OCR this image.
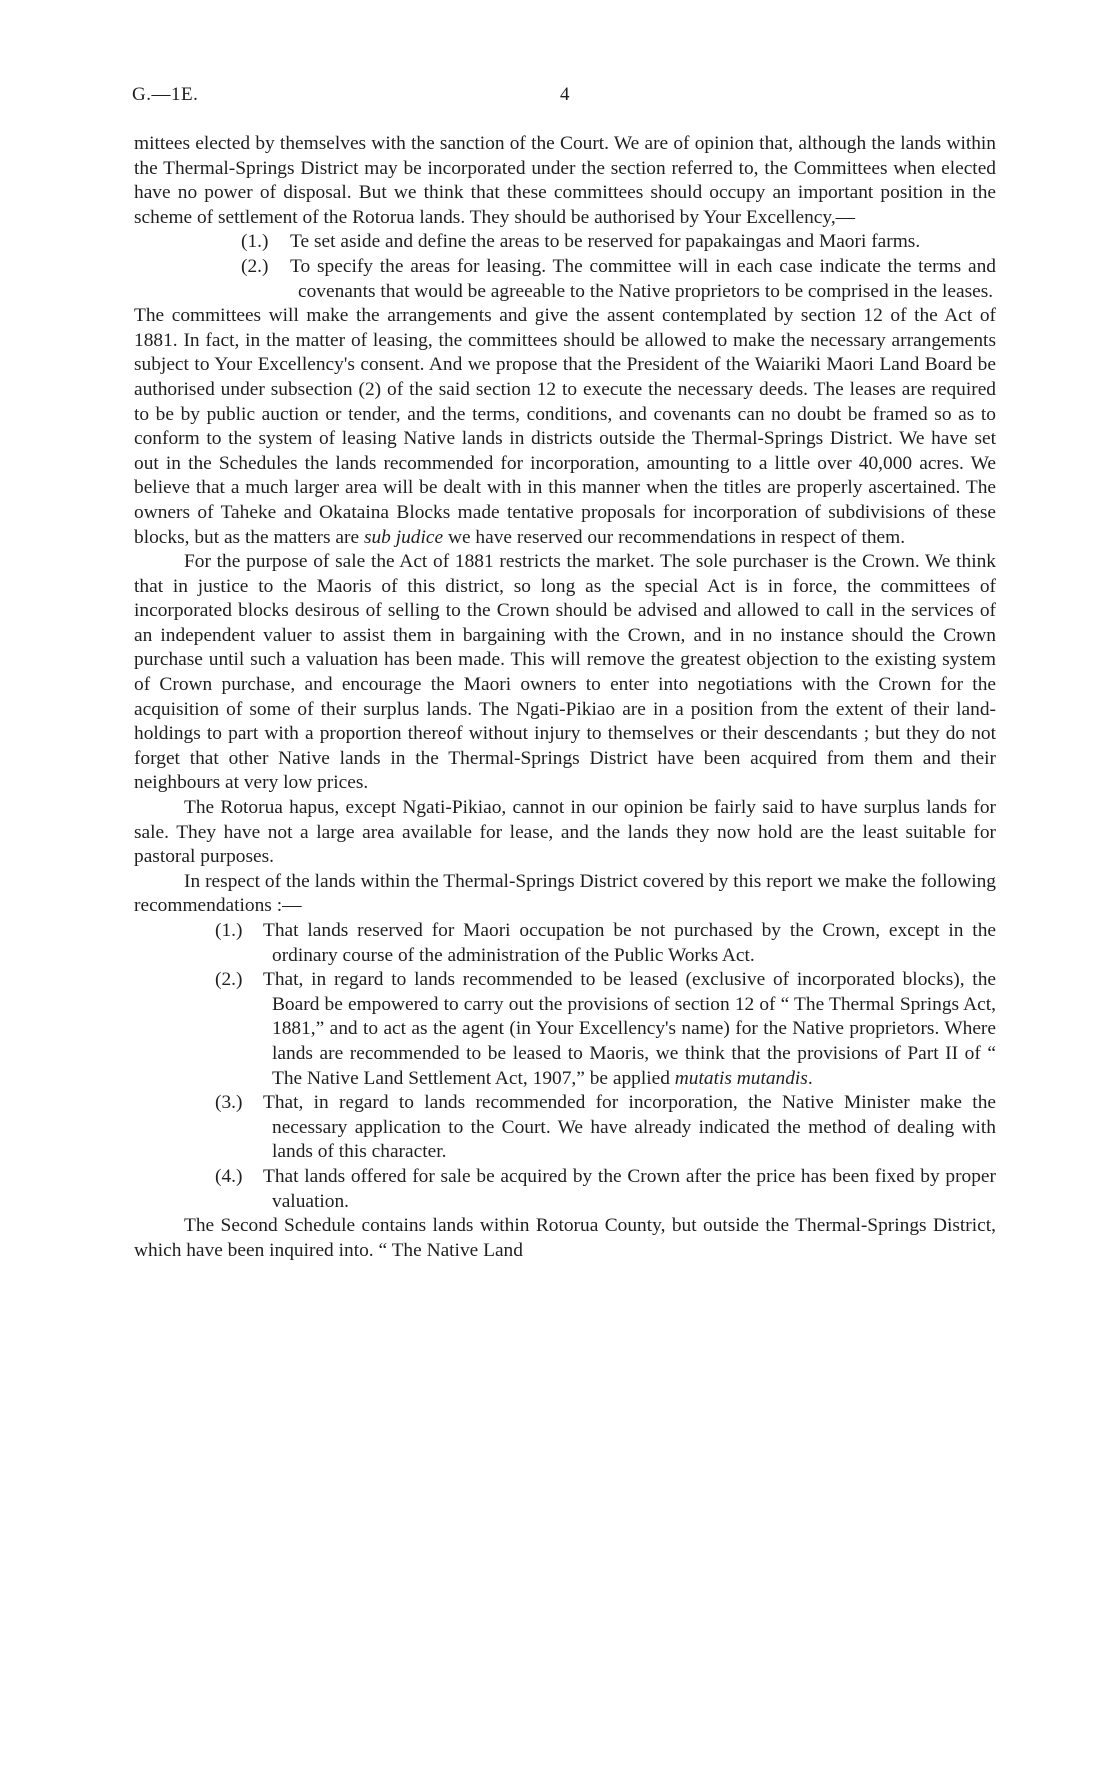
G.—1E.	4

mittees elected by themselves with the sanction of the Court. We are of opinion that, although the lands within the Thermal-Springs District may be incorporated under the section referred to, the Committees when elected have no power of disposal. But we think that these committees should occupy an important position in the scheme of settlement of the Rotorua lands. They should be authorised by Your Excellency,—

(1.) Te set aside and define the areas to be reserved for papakaingas and Maori farms.

(2.) To specify the areas for leasing. The committee will in each case indicate the terms and covenants that would be agreeable to the Native proprietors to be comprised in the leases.

The committees will make the arrangements and give the assent contemplated by section 12 of the Act of 1881. In fact, in the matter of leasing, the committees should be allowed to make the necessary arrangements subject to Your Excellency's consent. And we propose that the President of the Waiariki Maori Land Board be authorised under subsection (2) of the said section 12 to execute the necessary deeds. The leases are required to be by public auction or tender, and the terms, conditions, and covenants can no doubt be framed so as to conform to the system of leasing Native lands in districts outside the Thermal-Springs District. We have set out in the Schedules the lands recommended for incorporation, amounting to a little over 40,000 acres. We believe that a much larger area will be dealt with in this manner when the titles are properly ascertained. The owners of Taheke and Okataina Blocks made tentative proposals for incorporation of subdivisions of these blocks, but as the matters are sub judice we have reserved our recommendations in respect of them.

For the purpose of sale the Act of 1881 restricts the market. The sole purchaser is the Crown. We think that in justice to the Maoris of this district, so long as the special Act is in force, the committees of incorporated blocks desirous of selling to the Crown should be advised and allowed to call in the services of an independent valuer to assist them in bargaining with the Crown, and in no instance should the Crown purchase until such a valuation has been made. This will remove the greatest objection to the existing system of Crown purchase, and encourage the Maori owners to enter into negotiations with the Crown for the acquisition of some of their surplus lands. The Ngati-Pikiao are in a position from the extent of their land-holdings to part with a proportion thereof without injury to themselves or their descendants ; but they do not forget that other Native lands in the Thermal-Springs District have been acquired from them and their neighbours at very low prices.

The Rotorua hapus, except Ngati-Pikiao, cannot in our opinion be fairly said to have surplus lands for sale. They have not a large area available for lease, and the lands they now hold are the least suitable for pastoral purposes.

In respect of the lands within the Thermal-Springs District covered by this report we make the following recommendations :—

(1.) That lands reserved for Maori occupation be not purchased by the Crown, except in the ordinary course of the administration of the Public Works Act.

(2.) That, in regard to lands recommended to be leased (exclusive of incorporated blocks), the Board be empowered to carry out the provisions of section 12 of “ The Thermal Springs Act, 1881,” and to act as the agent (in Your Excellency's name) for the Native proprietors. Where lands are recommended to be leased to Maoris, we think that the provisions of Part II of “ The Native Land Settlement Act, 1907,” be applied mutatis mutandis.

(3.) That, in regard to lands recommended for incorporation, the Native Minister make the necessary application to the Court. We have already indicated the method of dealing with lands of this character.

(4.) That lands offered for sale be acquired by the Crown after the price has been fixed by proper valuation.

The Second Schedule contains lands within Rotorua County, but outside the Thermal-Springs District, which have been inquired into. “ The Native Land
